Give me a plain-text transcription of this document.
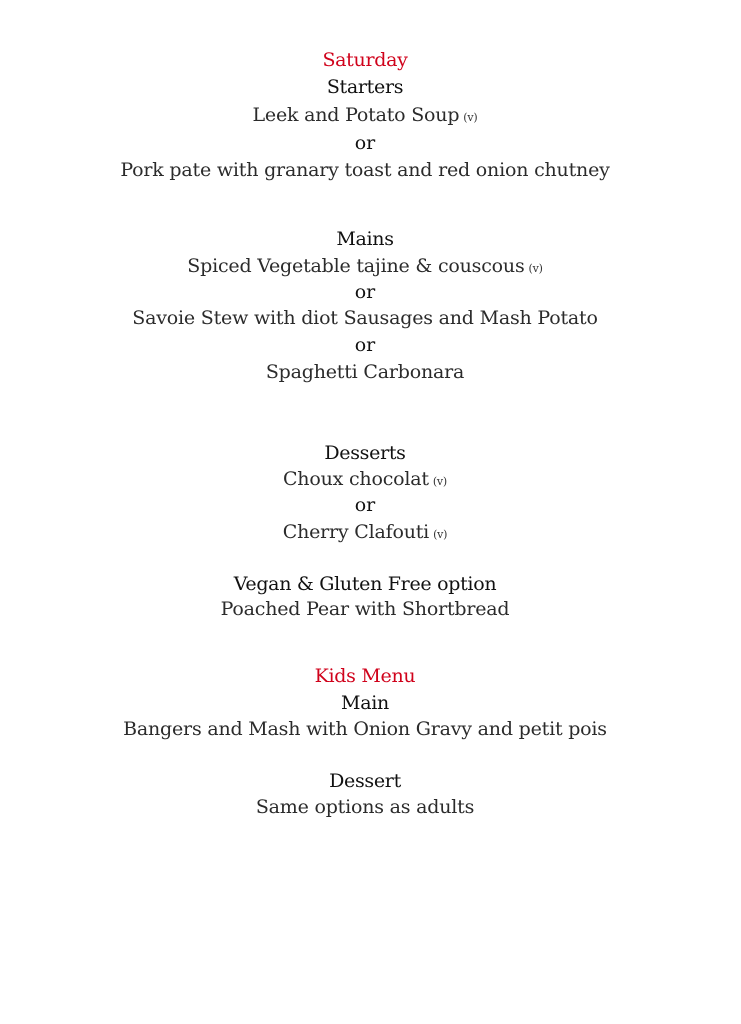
Saturday
Starters
Leek and Potato Soup (v)
or
Pork pate with granary toast and red onion chutney
Mains
Spiced Vegetable tajine & couscous (v)
or
Savoie Stew with diot Sausages and Mash Potato
or
Spaghetti Carbonara
Desserts
Choux chocolat (v)
or
Cherry Clafouti (v)
Vegan & Gluten Free option
Poached Pear with Shortbread
Kids Menu
Main
Bangers and Mash with Onion Gravy and petit pois
Dessert
Same options as adults
